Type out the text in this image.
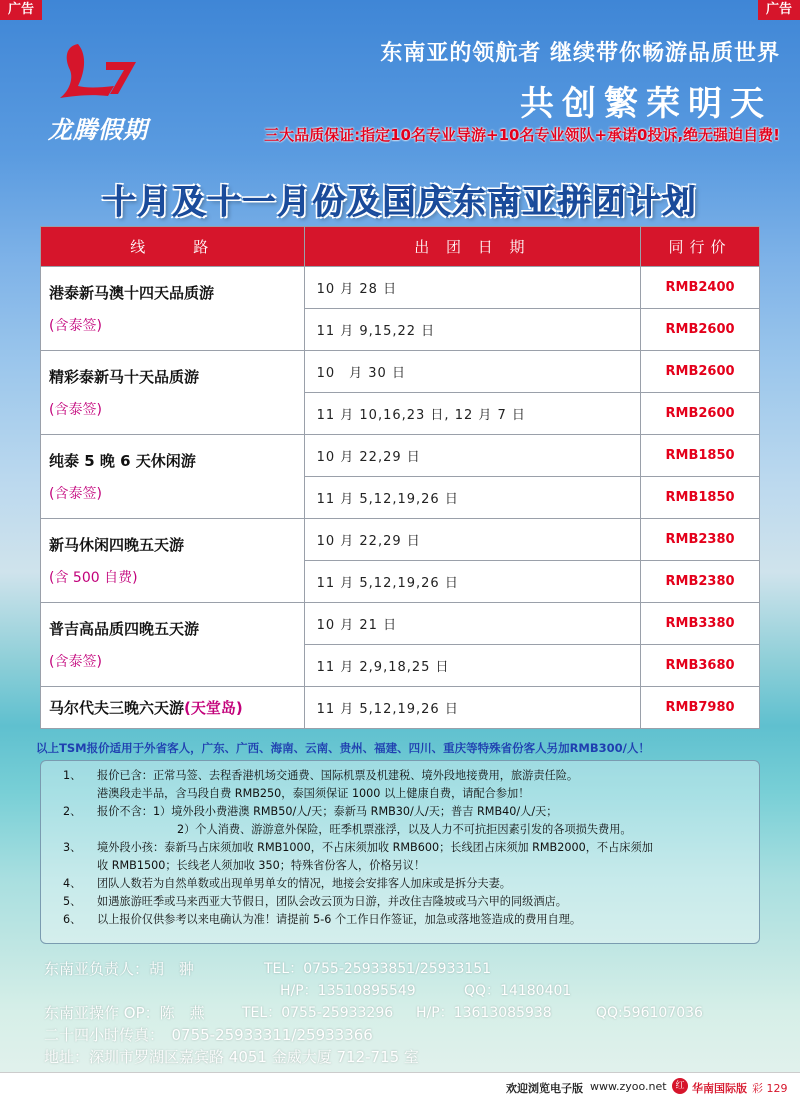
广告	广告
龙腾假期
东南亚的领航者 继续带你畅游品质世界
共创繁荣明天
三大品质保证:指定10名专业导游+10名专业领队+承诺0投诉,绝无强迫自费!
十月及十一月份及国庆东南亚拼团计划
线　　路	出 团 日 期	同行价

港泰新马澳十四天品质游
(含泰签)	10 月 28 日	RMB2400
	11 月 9,15,22 日	RMB2600

精彩泰新马十天品质游
(含泰签)	10　月 30 日	RMB2600
	11 月 10,16,23 日, 12 月 7 日	RMB2600

纯泰 5 晚 6 天休闲游
(含泰签)	10 月 22,29 日	RMB1850
	11 月 5,12,19,26 日	RMB1850

新马休闲四晚五天游
(含 500 自费)	10 月 22,29 日	RMB2380
	11 月 5,12,19,26 日	RMB2380

普吉高品质四晚五天游
(含泰签)	10 月 21 日	RMB3380
	11 月 2,9,18,25 日	RMB3680

马尔代夫三晚六天游(天堂岛)	11 月 5,12,19,26 日	RMB7980
以上TSM报价适用于外省客人，广东、广西、海南、云南、贵州、福建、四川、重庆等特殊省份客人另加RMB300/人！
1、	报价已含：正常马签、去程香港机场交通费、国际机票及机建税、境外段地接费用，旅游责任险。
港澳段走半品，含马段自费 RMB250，泰国须保证 1000 以上健康自费，请配合参加！
2、	报价不含：1）境外段小费港澳 RMB50/人/天；泰新马 RMB30/人/天；普吉 RMB40/人/天；
2）个人消费、游游意外保险，旺季机票涨浮，以及人力不可抗拒因素引发的各项损失费用。
3、	境外段小孩：泰新马占床须加收 RMB1000，不占床须加收 RMB600；长线团占床须加 RMB2000，不占床须加
收 RMB1500；长线老人须加收 350；特殊省份客人，价格另议！
4、	团队人数若为自然单数或出现单男单女的情况，地接会安排客人加床或是拆分夫妻。
5、	如遇旅游旺季或马来西亚大节假日，团队会改云顶为日游，并改住吉隆坡或马六甲的同级酒店。
6、	以上报价仅供参考以来电确认为准！请提前 5-6 个工作日作签证，加急或落地签造成的费用自理。
东南亚负责人：胡　翀	TEL：0755-25933851/25933151
H/P：13510895549	QQ：14180401
东南亚操作 OP：陈　燕	TEL：0755-25933296 H/P：13613085938	QQ:596107036
二十四小时传真：　0755-25933311/25933366
地址：深圳市罗湖区嘉宾路 4051 金威大厦 712-715 室
欢迎浏览电子版 www.zyoo.net 红 华南国际版 彩 129
